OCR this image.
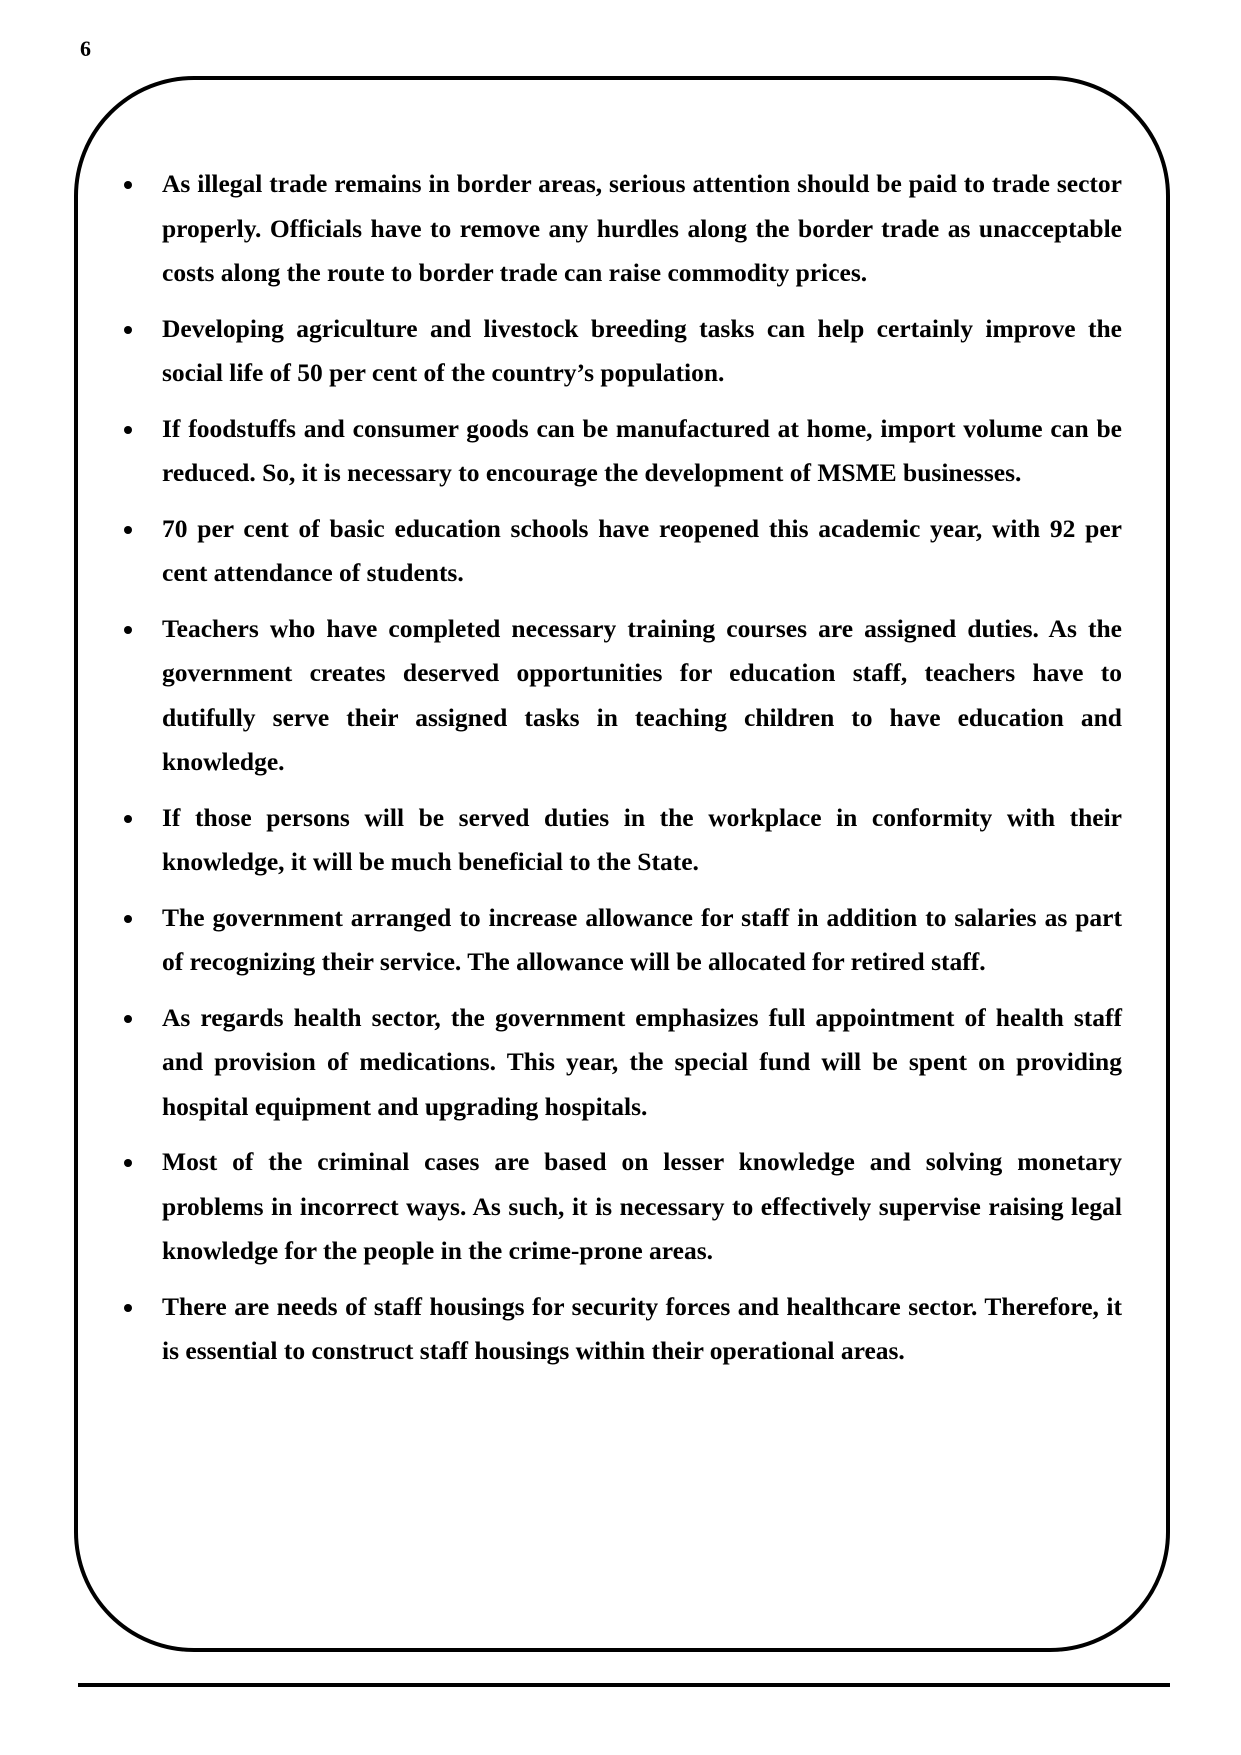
6
As illegal trade remains in border areas, serious attention should be paid to trade sector properly. Officials have to remove any hurdles along the border trade as unacceptable costs along the route to border trade can raise commodity prices.
Developing agriculture and livestock breeding tasks can help certainly improve the social life of 50 per cent of the country’s population.
If foodstuffs and consumer goods can be manufactured at home, import volume can be reduced. So, it is necessary to encourage the development of MSME businesses.
70 per cent of basic education schools have reopened this academic year, with 92 per cent attendance of students.
Teachers who have completed necessary training courses are assigned duties. As the government creates deserved opportunities for education staff, teachers have to dutifully serve their assigned tasks in teaching children to have education and knowledge.
If those persons will be served duties in the workplace in conformity with their knowledge, it will be much beneficial to the State.
The government arranged to increase allowance for staff in addition to salaries as part of recognizing their service. The allowance will be allocated for retired staff.
As regards health sector, the government emphasizes full appointment of health staff and provision of medications. This year, the special fund will be spent on providing hospital equipment and upgrading hospitals.
Most of the criminal cases are based on lesser knowledge and solving monetary problems in incorrect ways. As such, it is necessary to effectively supervise raising legal knowledge for the people in the crime-prone areas.
There are needs of staff housings for security forces and healthcare sector. Therefore, it is essential to construct staff housings within their operational areas.
